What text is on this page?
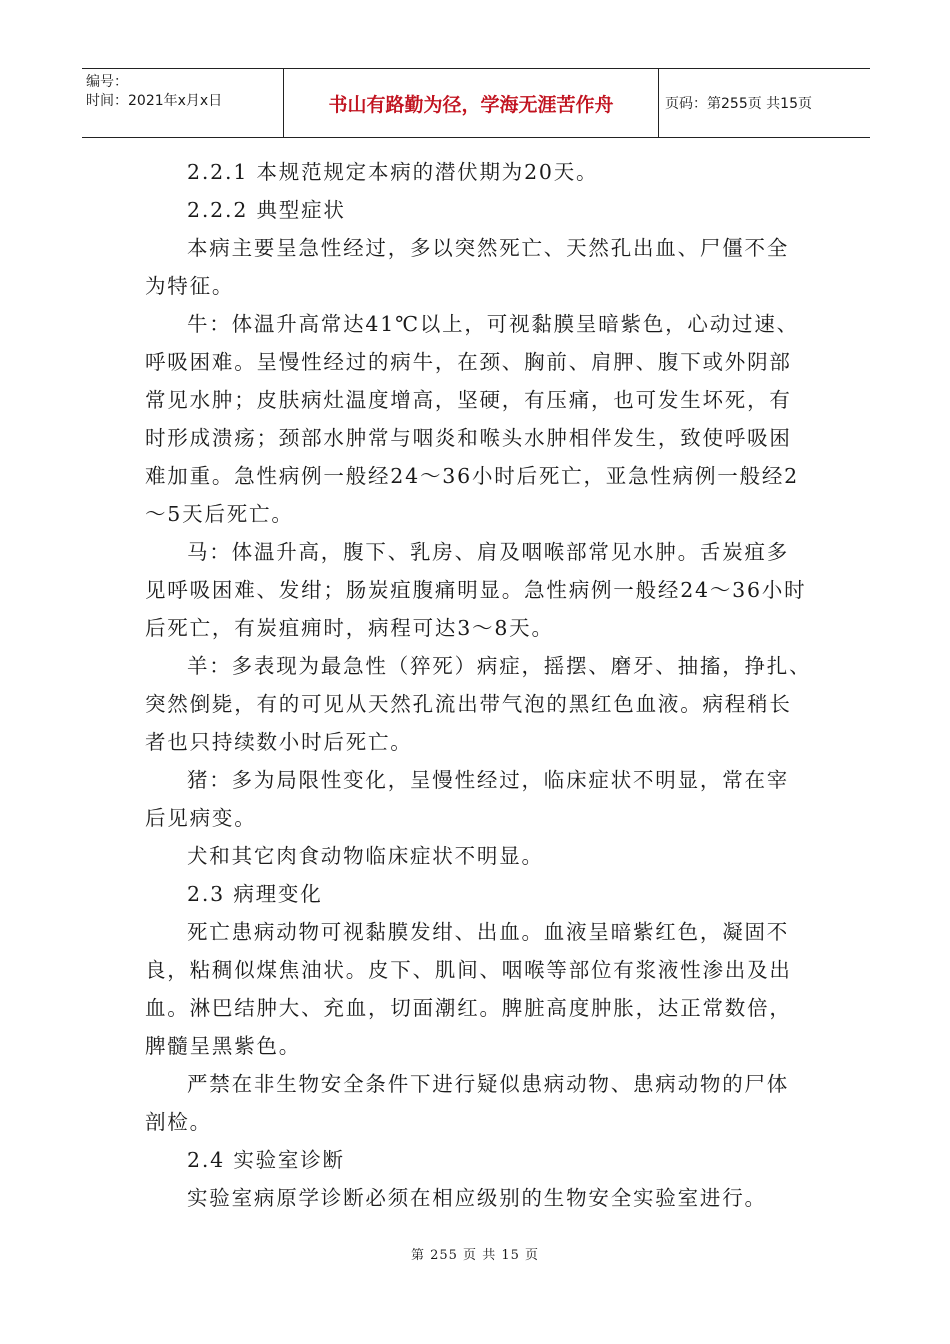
编号：
时间：2021年x月x日	书山有路勤为径，学海无涯苦作舟	页码：第255页 共15页

2.2.1 本规范规定本病的潜伏期为20天。

2.2.2 典型症状

本病主要呈急性经过，多以突然死亡、天然孔出血、尸僵不全

为特征。

牛：体温升高常达41℃以上，可视黏膜呈暗紫色，心动过速、

呼吸困难。呈慢性经过的病牛，在颈、胸前、肩胛、腹下或外阴部

常见水肿；皮肤病灶温度增高，坚硬，有压痛，也可发生坏死，有

时形成溃疡；颈部水肿常与咽炎和喉头水肿相伴发生，致使呼吸困

难加重。急性病例一般经24～36小时后死亡，亚急性病例一般经2

～5天后死亡。

马：体温升高，腹下、乳房、肩及咽喉部常见水肿。舌炭疽多

见呼吸困难、发绀；肠炭疽腹痛明显。急性病例一般经24～36小时

后死亡，有炭疽痈时，病程可达3～8天。

羊：多表现为最急性（猝死）病症，摇摆、磨牙、抽搐，挣扎、

突然倒毙，有的可见从天然孔流出带气泡的黑红色血液。病程稍长

者也只持续数小时后死亡。

猪：多为局限性变化，呈慢性经过，临床症状不明显，常在宰

后见病变。

犬和其它肉食动物临床症状不明显。

2.3 病理变化

死亡患病动物可视黏膜发绀、出血。血液呈暗紫红色，凝固不

良，粘稠似煤焦油状。皮下、肌间、咽喉等部位有浆液性渗出及出

血。淋巴结肿大、充血，切面潮红。脾脏高度肿胀，达正常数倍，

脾髓呈黑紫色。

严禁在非生物安全条件下进行疑似患病动物、患病动物的尸体

剖检。

2.4 实验室诊断

实验室病原学诊断必须在相应级别的生物安全实验室进行。

第 255 页 共 15 页
